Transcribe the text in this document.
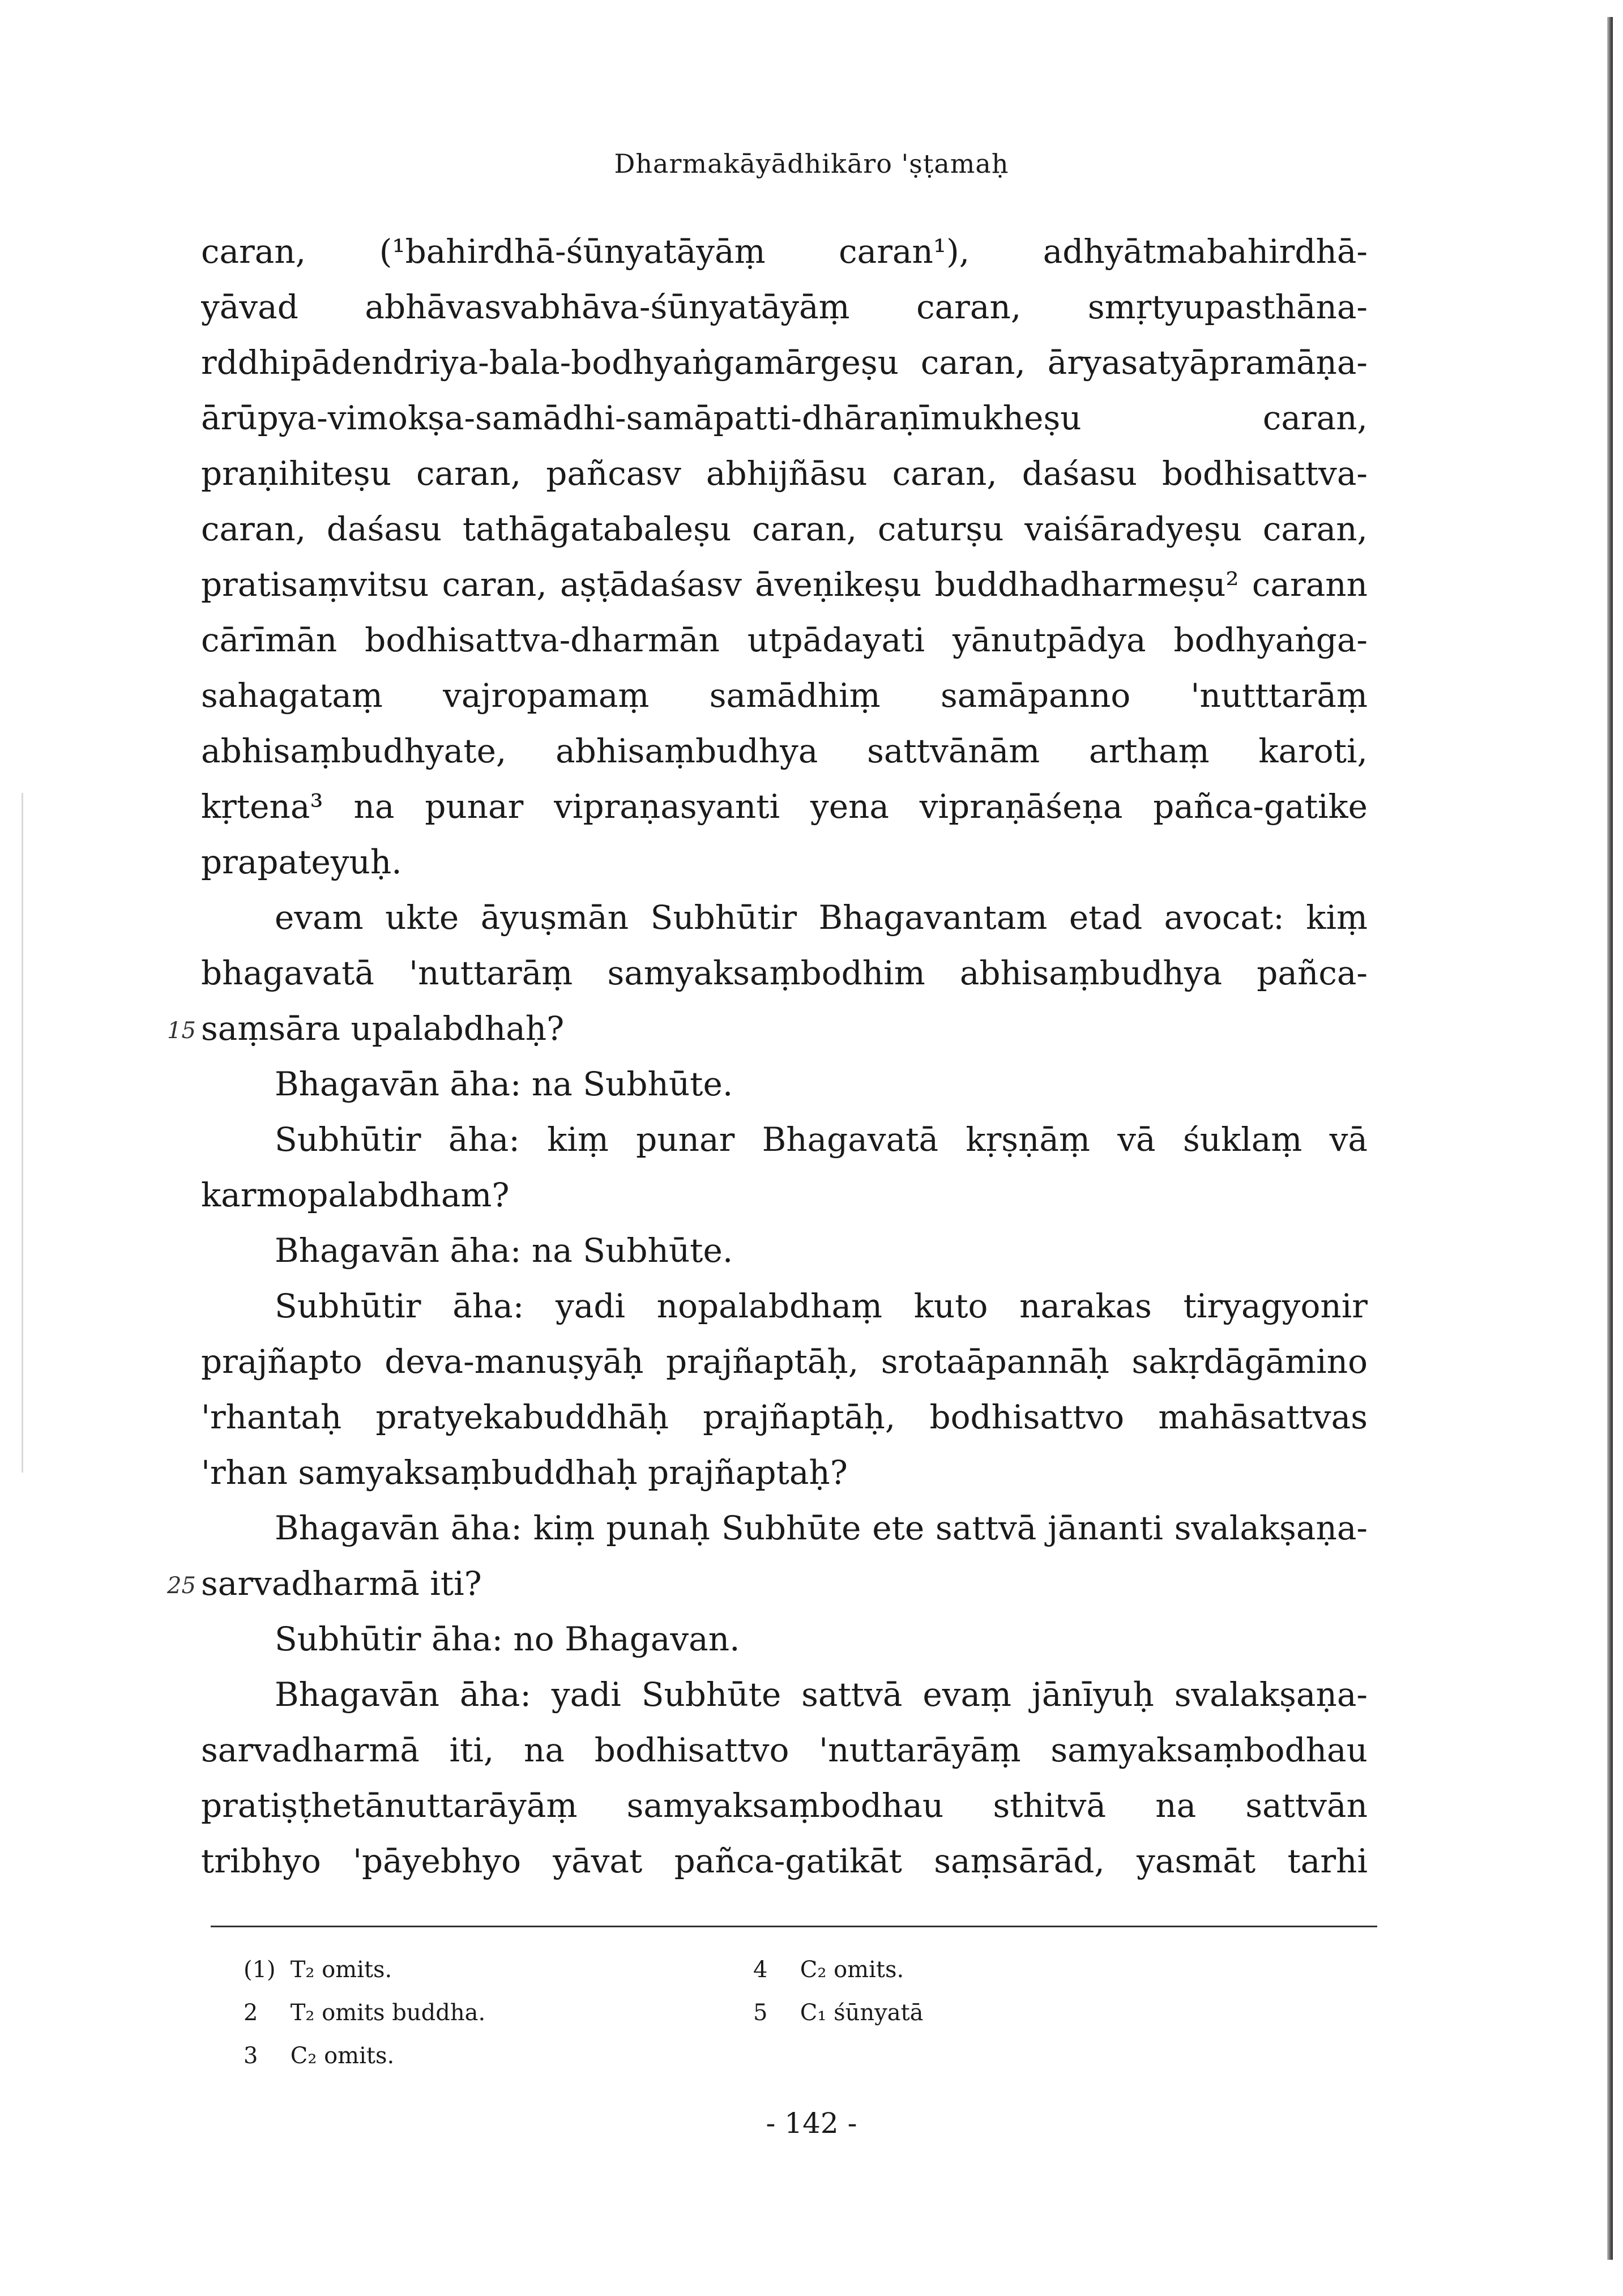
Dharmakāyādhikāro 'ṣṭamaḥ
caran, (¹bahirdhā-śūnyatāyāṃ caran¹), adhyātmabahirdhā-
yāvad abhāvasvabhāva-śūnyatāyāṃ caran, smṛtyupasthāna-
rddhipādendriya-bala-bodhyaṅgamārgeṣu caran, āryasatyāpramāṇa-
ārūpya-vimokṣa-samādhi-samāpatti-dhāraṇīmukheṣu caran,
praṇihiteṣu caran, pañcasv abhijñāsu caran, daśasu bodhisattva-
caran, daśasu tathāgatabaleṣu caran, caturṣu vaiśāradyeṣu caran,
pratisaṃvitsu caran, aṣṭādaśasv āveṇikeṣu buddhadharmeṣu² carann
cārīmān bodhisattva-dharmān utpādayati yānutpādya bodhyaṅga-
sahagataṃ vajropamaṃ samādhiṃ samāpanno 'nutttarāṃ
abhisaṃbudhyate, abhisaṃbudhya sattvānām arthaṃ karoti,
kṛtena³ na punar vipraṇasyanti yena vipraṇāśeṇa pañca-gatike
prapateyuḥ.
evam ukte āyuṣmān Subhūtir Bhagavantam etad avocat: kiṃ
bhagavatā 'nuttarāṃ samyaksaṃbodhim abhisaṃbudhya pañca-
15 saṃsāra upalabdhaḥ?
Bhagavān āha: na Subhūte.
Subhūtir āha: kiṃ punar Bhagavatā kṛṣṇāṃ vā śuklaṃ vā
karmopalabdham?
Bhagavān āha: na Subhūte.
Subhūtir āha: yadi nopalabdhaṃ kuto narakas tiryagyonir
prajñapto deva-manuṣyāḥ prajñaptāḥ, srotaāpannāḥ sakṛdāgāmino
'rhantaḥ pratyekabuddhāḥ prajñaptāḥ, bodhisattvo mahāsattvas
'rhan samyaksaṃbuddhaḥ prajñaptaḥ?
Bhagavān āha: kiṃ punaḥ Subhūte ete sattvā jānanti svalakṣaṇa-
25 sarvadharmā iti?
Subhūtir āha: no Bhagavan.
Bhagavān āha: yadi Subhūte sattvā evaṃ jānīyuḥ svalakṣaṇa-
sarvadharmā iti, na bodhisattvo 'nuttarāyāṃ samyaksaṃbodhau
pratiṣṭhetānuttarāyāṃ samyaksaṃbodhau sthitvā na sattvān
tribhyo 'pāyebhyo yāvat pañca-gatikāt saṃsārād, yasmāt tarhi
(1) T₂ omits.
2 T₂ omits buddha.
3 C₂ omits.
4 C₂ omits.
5 C₁ śūnyatā
- 142 -
